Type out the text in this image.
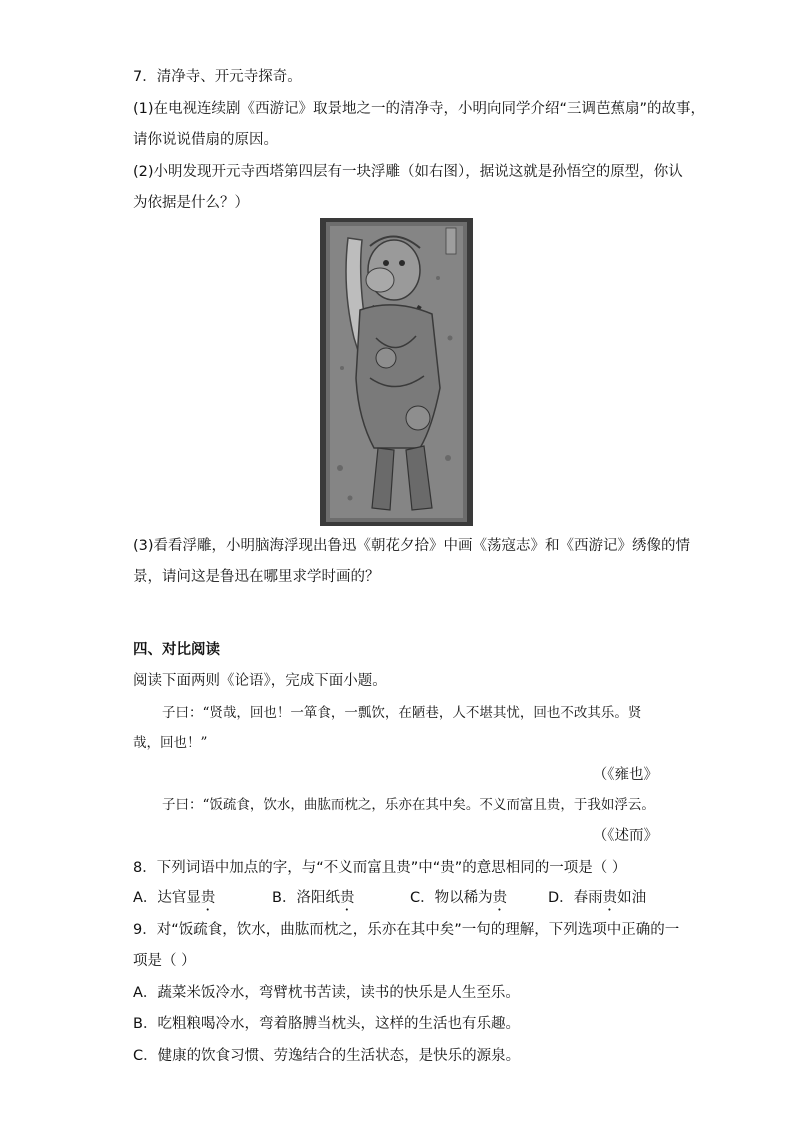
7．清净寺、开元寺探奇。
(1)在电视连续剧《西游记》取景地之一的清净寺，小明向同学介绍“三调芭蕉扇”的故事，
请你说说借扇的原因。
(2)小明发现开元寺西塔第四层有一块浮雕（如右图），据说这就是孙悟空的原型，你认
为依据是什么？）
(3)看看浮雕，小明脑海浮现出鲁迅《朝花夕拾》中画《荡寇志》和《西游记》绣像的情
景，请问这是鲁迅在哪里求学时画的？
四、对比阅读
阅读下面两则《论语》，完成下面小题。
子曰：“贤哉，回也！一箪食，一瓢饮，在陋巷，人不堪其忧，回也不改其乐。贤
哉，回也！”
（《雍也》
子曰：“饭疏食，饮水，曲肱而枕之，乐亦在其中矣。不义而富且贵，于我如浮云。
（《述而》
8．下列词语中加点的字，与“不义而富且贵”中“贵”的意思相同的一项是（ ）
A．达官显贵	B．洛阳纸贵	C．物以稀为贵	D．春雨贵如油
9．对“饭疏食，饮水，曲肱而枕之，乐亦在其中矣”一句的理解，下列选项中正确的一
项是（ ）
A．蔬菜米饭冷水，弯臂枕书苦读，读书的快乐是人生至乐。
B．吃粗粮喝冷水，弯着胳膊当枕头，这样的生活也有乐趣。
C．健康的饮食习惯、劳逸结合的生活状态，是快乐的源泉。
